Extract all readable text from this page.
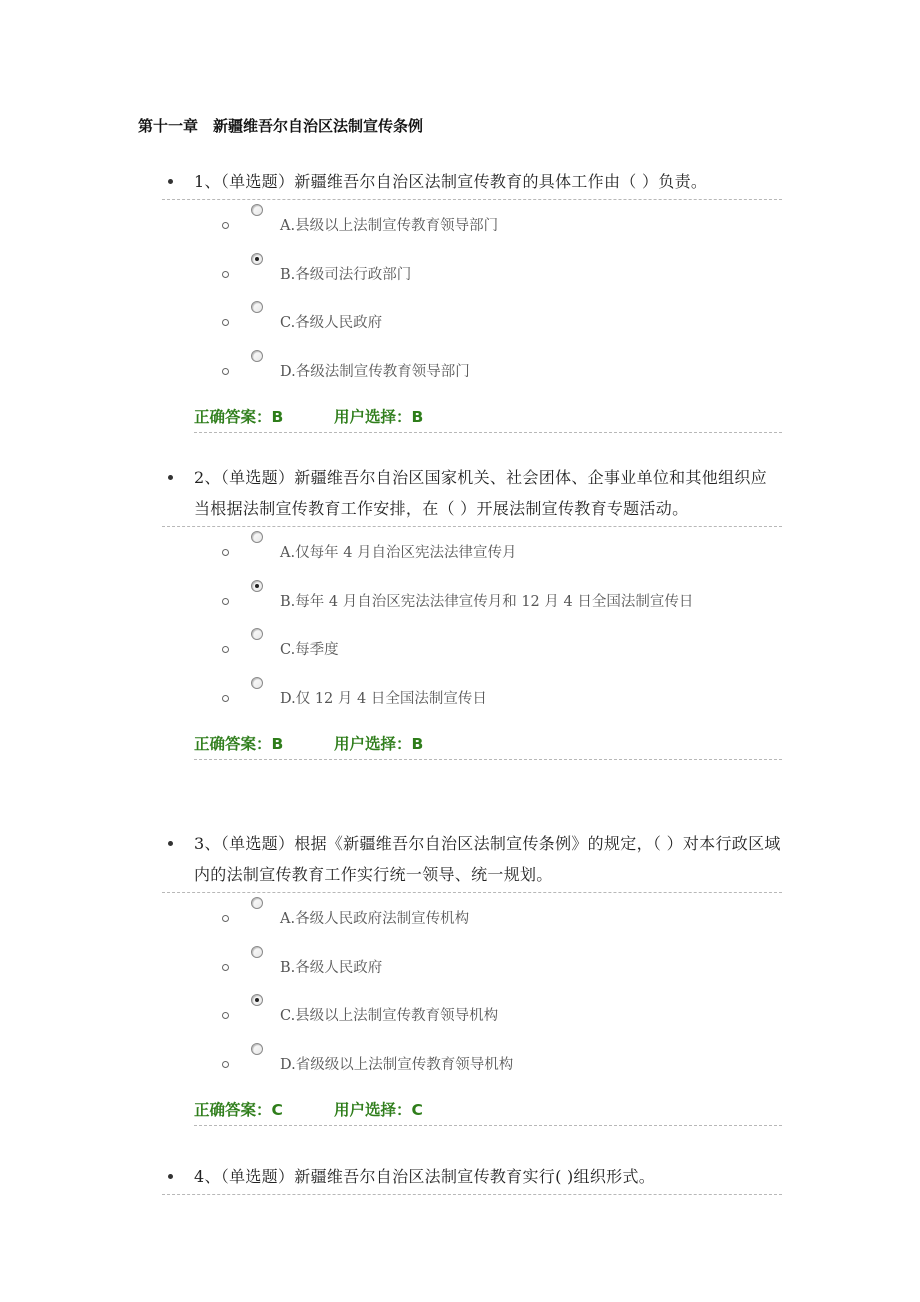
第十一章　新疆维吾尔自治区法制宣传条例
1、（单选题）新疆维吾尔自治区法制宣传教育的具体工作由（ ）负责。
A.县级以上法制宣传教育领导部门
B.各级司法行政部门
C.各级人民政府
D.各级法制宣传教育领导部门
正确答案：B	用户选择：B
2、（单选题）新疆维吾尔自治区国家机关、社会团体、企事业单位和其他组织应当根据法制宣传教育工作安排，在（ ）开展法制宣传教育专题活动。
A.仅每年 4 月自治区宪法法律宣传月
B.每年 4 月自治区宪法法律宣传月和 12 月 4 日全国法制宣传日
C.每季度
D.仅 12 月 4 日全国法制宣传日
正确答案：B	用户选择：B
3、（单选题）根据《新疆维吾尔自治区法制宣传条例》的规定，（ ）对本行政区域内的法制宣传教育工作实行统一领导、统一规划。
A.各级人民政府法制宣传机构
B.各级人民政府
C.县级以上法制宣传教育领导机构
D.省级级以上法制宣传教育领导机构
正确答案：C	用户选择：C
4、（单选题）新疆维吾尔自治区法制宣传教育实行( )组织形式。
